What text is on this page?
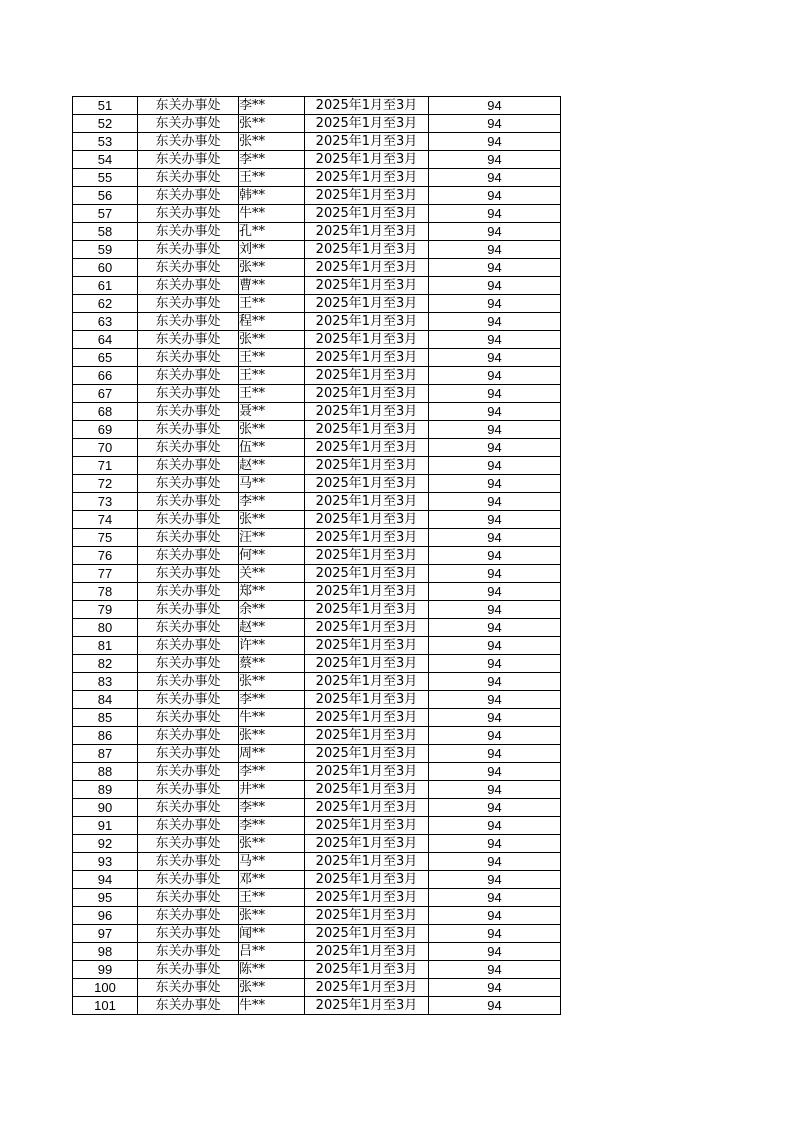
51	东关办事处	李**	2025年1月至3月	94
52	东关办事处	张**	2025年1月至3月	94
53	东关办事处	张**	2025年1月至3月	94
54	东关办事处	李**	2025年1月至3月	94
55	东关办事处	王**	2025年1月至3月	94
56	东关办事处	韩**	2025年1月至3月	94
57	东关办事处	牛**	2025年1月至3月	94
58	东关办事处	孔**	2025年1月至3月	94
59	东关办事处	刘**	2025年1月至3月	94
60	东关办事处	张**	2025年1月至3月	94
61	东关办事处	曹**	2025年1月至3月	94
62	东关办事处	王**	2025年1月至3月	94
63	东关办事处	程**	2025年1月至3月	94
64	东关办事处	张**	2025年1月至3月	94
65	东关办事处	王**	2025年1月至3月	94
66	东关办事处	王**	2025年1月至3月	94
67	东关办事处	王**	2025年1月至3月	94
68	东关办事处	聂**	2025年1月至3月	94
69	东关办事处	张**	2025年1月至3月	94
70	东关办事处	伍**	2025年1月至3月	94
71	东关办事处	赵**	2025年1月至3月	94
72	东关办事处	马**	2025年1月至3月	94
73	东关办事处	李**	2025年1月至3月	94
74	东关办事处	张**	2025年1月至3月	94
75	东关办事处	汪**	2025年1月至3月	94
76	东关办事处	何**	2025年1月至3月	94
77	东关办事处	关**	2025年1月至3月	94
78	东关办事处	郑**	2025年1月至3月	94
79	东关办事处	余**	2025年1月至3月	94
80	东关办事处	赵**	2025年1月至3月	94
81	东关办事处	许**	2025年1月至3月	94
82	东关办事处	蔡**	2025年1月至3月	94
83	东关办事处	张**	2025年1月至3月	94
84	东关办事处	李**	2025年1月至3月	94
85	东关办事处	牛**	2025年1月至3月	94
86	东关办事处	张**	2025年1月至3月	94
87	东关办事处	周**	2025年1月至3月	94
88	东关办事处	李**	2025年1月至3月	94
89	东关办事处	井**	2025年1月至3月	94
90	东关办事处	李**	2025年1月至3月	94
91	东关办事处	李**	2025年1月至3月	94
92	东关办事处	张**	2025年1月至3月	94
93	东关办事处	马**	2025年1月至3月	94
94	东关办事处	邓**	2025年1月至3月	94
95	东关办事处	王**	2025年1月至3月	94
96	东关办事处	张**	2025年1月至3月	94
97	东关办事处	闻**	2025年1月至3月	94
98	东关办事处	吕**	2025年1月至3月	94
99	东关办事处	陈**	2025年1月至3月	94
100	东关办事处	张**	2025年1月至3月	94
101	东关办事处	牛**	2025年1月至3月	94
